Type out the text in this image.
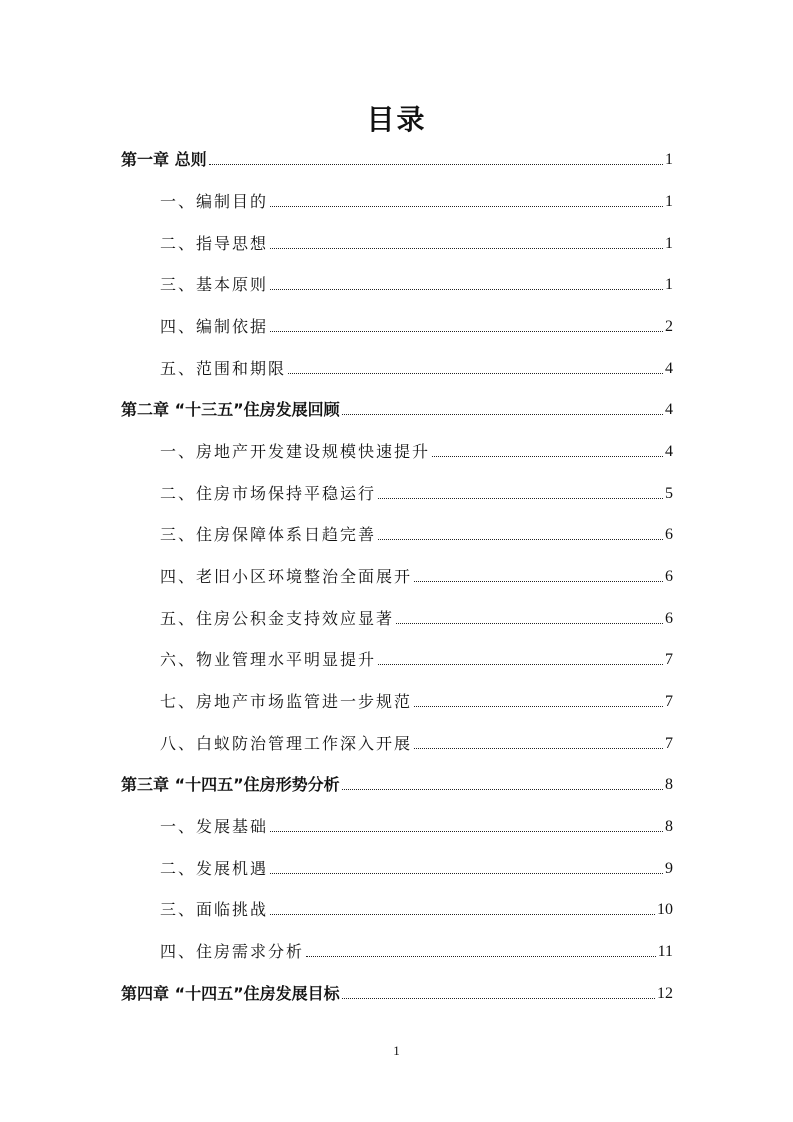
目录
第一章 总则	1
一、编制目的	1
二、指导思想	1
三、基本原则	1
四、编制依据	2
五、范围和期限	4
第二章 “十三五”住房发展回顾	4
一、房地产开发建设规模快速提升	4
二、住房市场保持平稳运行	5
三、住房保障体系日趋完善	6
四、老旧小区环境整治全面展开	6
五、住房公积金支持效应显著	6
六、物业管理水平明显提升	7
七、房地产市场监管进一步规范	7
八、白蚁防治管理工作深入开展	7
第三章 “十四五”住房形势分析	8
一、发展基础	8
二、发展机遇	9
三、面临挑战	10
四、住房需求分析	11
第四章 “十四五”住房发展目标	12
1
